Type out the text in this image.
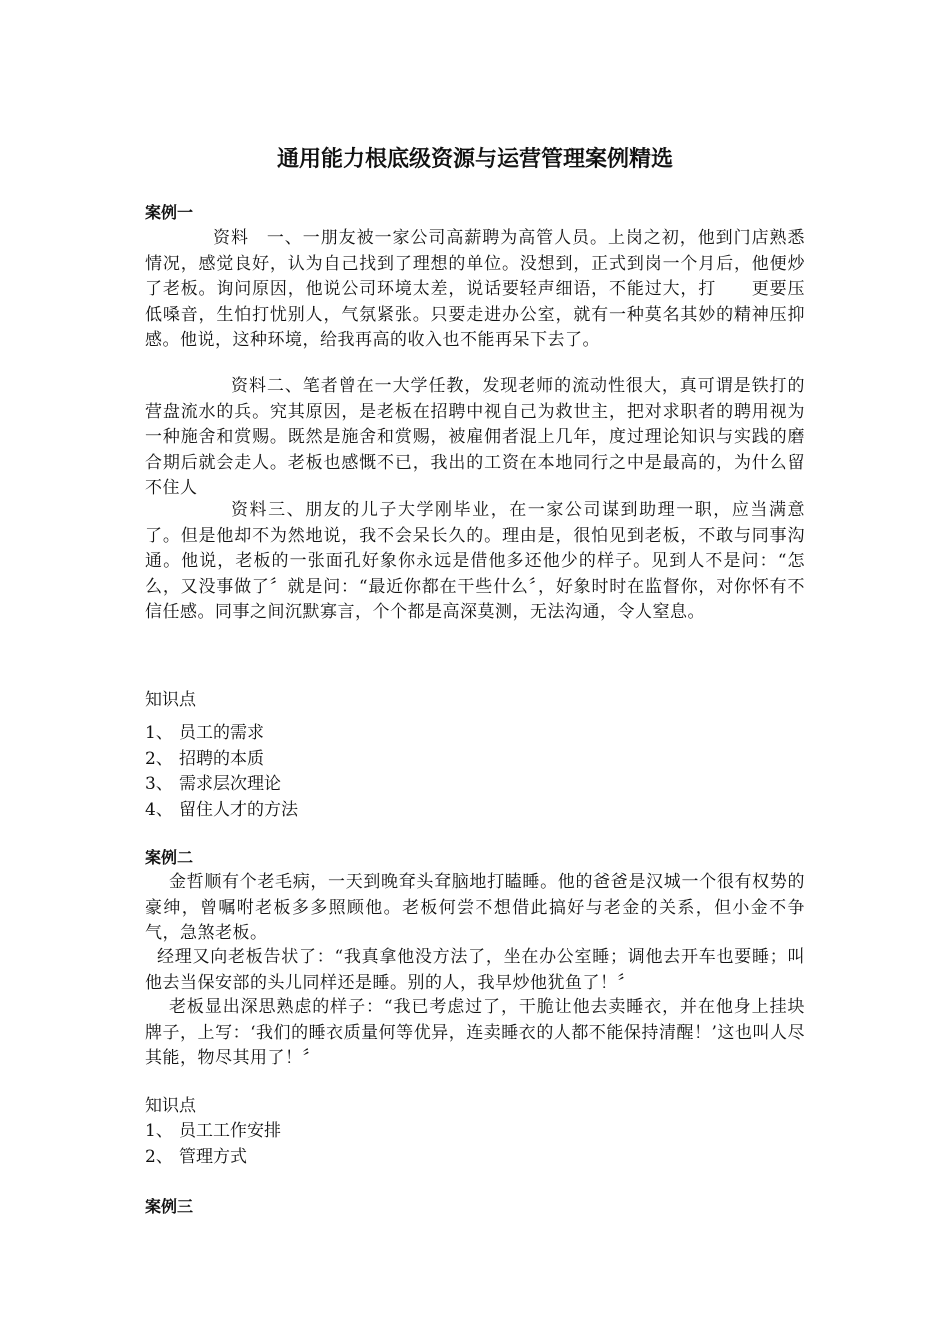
通用能力根底级资源与运营管理案例精选
案例一

资料　一、一朋友被一家公司高薪聘为高管人员。上岗之初，他到门店熟悉情况，感觉良好，认为自己找到了理想的单位。没想到，正式到岗一个月后，他便炒了老板。询问原因，他说公司环境太差，说话要轻声细语，不能过大，打　　更要压低嗓音，生怕打忧别人，气氛紧张。只要走进办公室，就有一种莫名其妙的精神压抑感。他说，这种环境，给我再高的收入也不能再呆下去了。

资料二、笔者曾在一大学任教，发现老师的流动性很大，真可谓是铁打的营盘流水的兵。究其原因，是老板在招聘中视自己为救世主，把对求职者的聘用视为一种施舍和赏赐。既然是施舍和赏赐，被雇佣者混上几年，度过理论知识与实践的磨合期后就会走人。老板也感慨不已，我出的工资在本地同行之中是最高的，为什么留不住人

资料三、朋友的儿子大学刚毕业，在一家公司谋到助理一职，应当满意了。但是他却不为然地说，我不会呆长久的。理由是，很怕见到老板，不敢与同事沟通。他说，老板的一张面孔好象你永远是借他多还他少的样子。见到人不是问：“怎么，又没事做了〞就是问：“最近你都在干些什么〞，好象时时在监督你，对你怀有不信任感。同事之间沉默寡言，个个都是高深莫测，无法沟通，令人窒息。

知识点
1、 员工的需求
2、 招聘的本质
3、 需求层次理论
4、 留住人才的方法
案例二

金哲顺有个老毛病，一天到晚耷头耷脑地打瞌睡。他的爸爸是汉城一个很有权势的豪绅，曾嘱咐老板多多照顾他。老板何尝不想借此搞好与老金的关系，但小金不争气，急煞老板。

经理又向老板告状了：“我真拿他没方法了，坐在办公室睡；调他去开车也要睡；叫他去当保安部的头儿同样还是睡。别的人，我早炒他犹鱼了！〞

老板显出深思熟虑的样子：“我已考虑过了，干脆让他去卖睡衣，并在他身上挂块牌子，上写：‘我们的睡衣质量何等优异，连卖睡衣的人都不能保持清醒！’这也叫人尽其能，物尽其用了！〞

知识点
1、 员工工作安排
2、 管理方式
案例三
